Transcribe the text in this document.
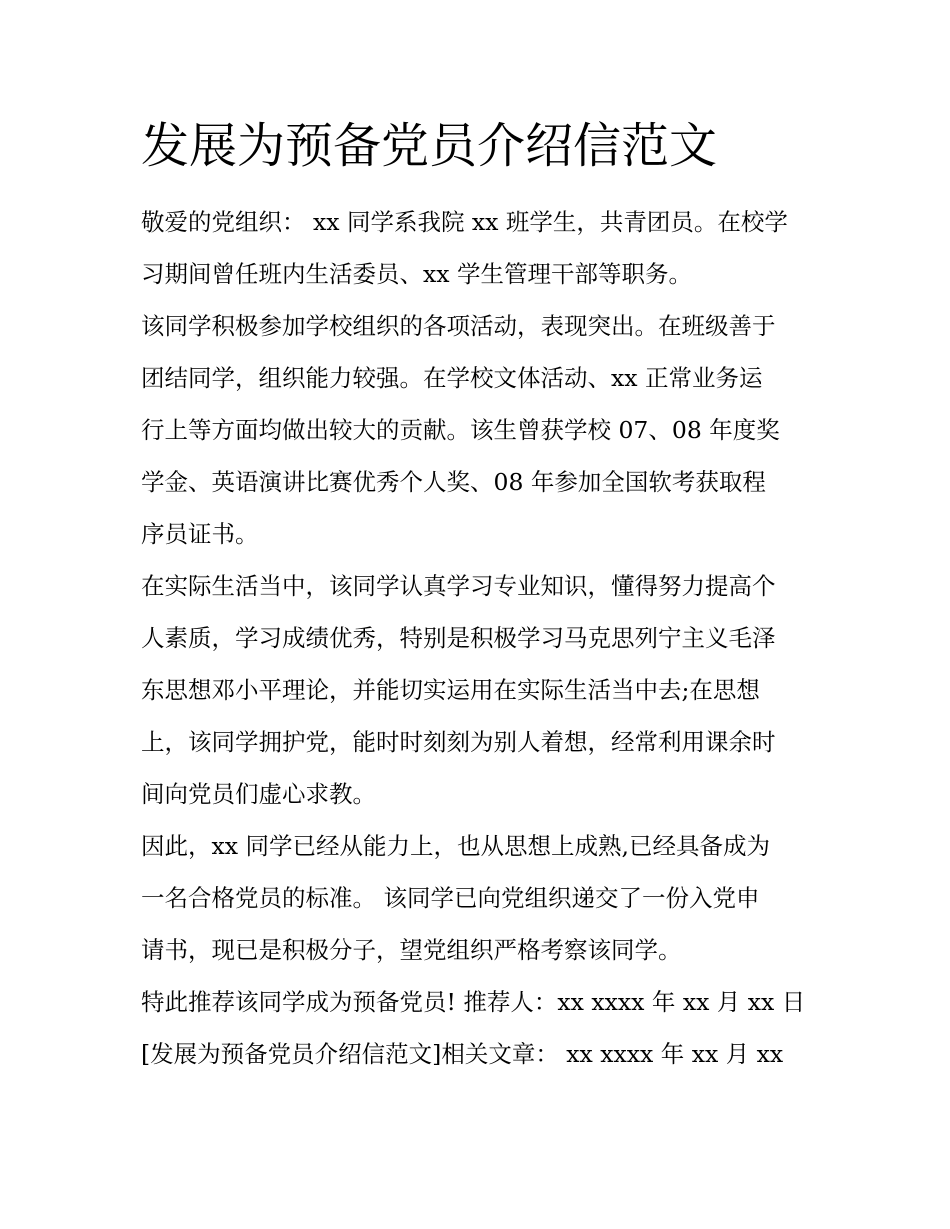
发展为预备党员介绍信范文
敬爱的党组织： xx 同学系我院 xx 班学生，共青团员。在校学
习期间曾任班内生活委员、xx 学生管理干部等职务。
该同学积极参加学校组织的各项活动，表现突出。在班级善于
团结同学，组织能力较强。在学校文体活动、xx 正常业务运
行上等方面均做出较大的贡献。该生曾获学校 07、08 年度奖
学金、英语演讲比赛优秀个人奖、08 年参加全国软考获取程
序员证书。
在实际生活当中，该同学认真学习专业知识，懂得努力提高个
人素质，学习成绩优秀，特别是积极学习马克思列宁主义毛泽
东思想邓小平理论，并能切实运用在实际生活当中去;在思想
上，该同学拥护党，能时时刻刻为别人着想，经常利用课余时
间向党员们虚心求教。
因此，xx 同学已经从能力上，也从思想上成熟,已经具备成为
一名合格党员的标准。 该同学已向党组织递交了一份入党申
请书，现已是积极分子，望党组织严格考察该同学。
特此推荐该同学成为预备党员! 推荐人：xx xxxx 年 xx 月 xx 日
[发展为预备党员介绍信范文]相关文章： xx xxxx 年 xx 月 xx
